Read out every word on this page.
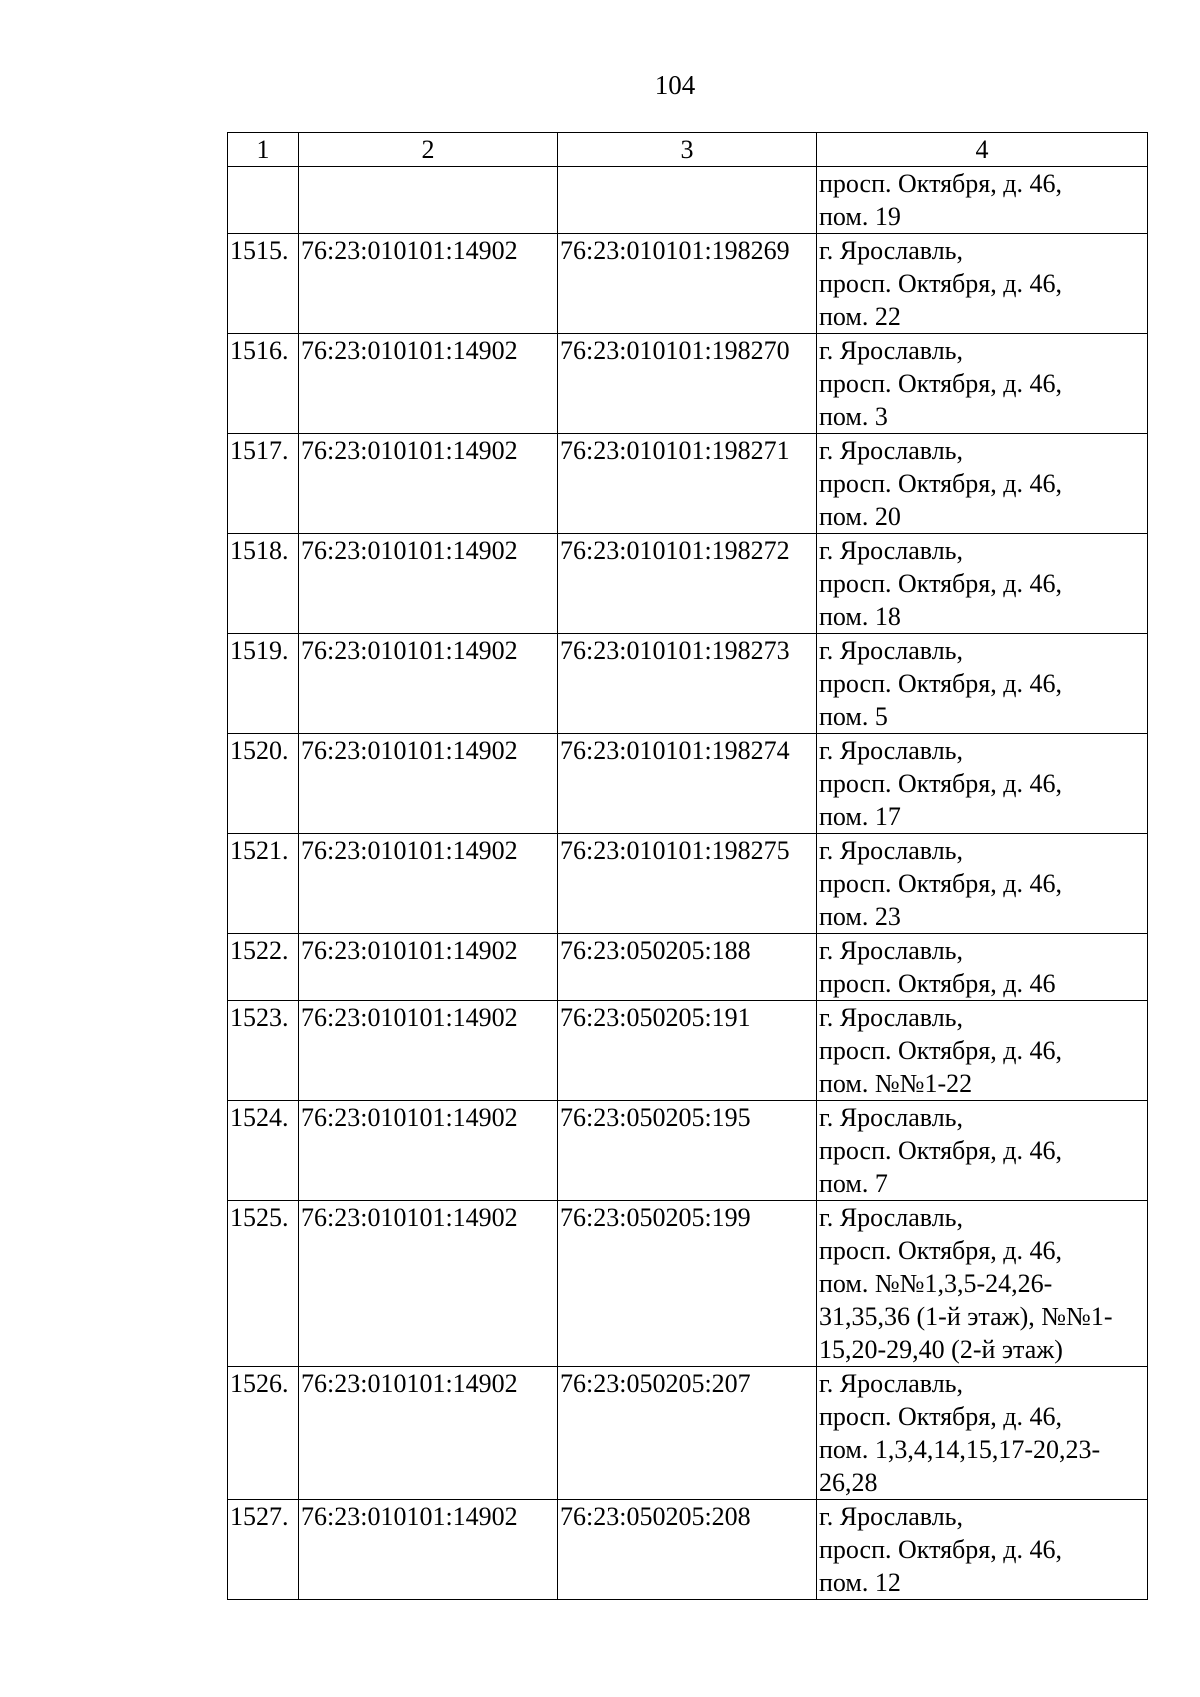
104
1	2	3	4

			просп. Октября, д. 46,
пом. 19

1515.	76:23:010101:14902	76:23:010101:198269	г. Ярославль,
просп. Октября, д. 46,
пом. 22

1516.	76:23:010101:14902	76:23:010101:198270	г. Ярославль,
просп. Октября, д. 46,
пом. 3

1517.	76:23:010101:14902	76:23:010101:198271	г. Ярославль,
просп. Октября, д. 46,
пом. 20

1518.	76:23:010101:14902	76:23:010101:198272	г. Ярославль,
просп. Октября, д. 46,
пом. 18

1519.	76:23:010101:14902	76:23:010101:198273	г. Ярославль,
просп. Октября, д. 46,
пом. 5

1520.	76:23:010101:14902	76:23:010101:198274	г. Ярославль,
просп. Октября, д. 46,
пом. 17

1521.	76:23:010101:14902	76:23:010101:198275	г. Ярославль,
просп. Октября, д. 46,
пом. 23

1522.	76:23:010101:14902	76:23:050205:188	г. Ярославль,
просп. Октября, д. 46

1523.	76:23:010101:14902	76:23:050205:191	г. Ярославль,
просп. Октября, д. 46,
пом. №№1-22

1524.	76:23:010101:14902	76:23:050205:195	г. Ярославль,
просп. Октября, д. 46,
пом. 7

1525.	76:23:010101:14902	76:23:050205:199	г. Ярославль,
просп. Октября, д. 46,
пом. №№1,3,5-24,26-
31,35,36 (1-й этаж), №№1-
15,20-29,40 (2-й этаж)

1526.	76:23:010101:14902	76:23:050205:207	г. Ярославль,
просп. Октября, д. 46,
пом. 1,3,4,14,15,17-20,23-
26,28

1527.	76:23:010101:14902	76:23:050205:208	г. Ярославль,
просп. Октября, д. 46,
пом. 12
